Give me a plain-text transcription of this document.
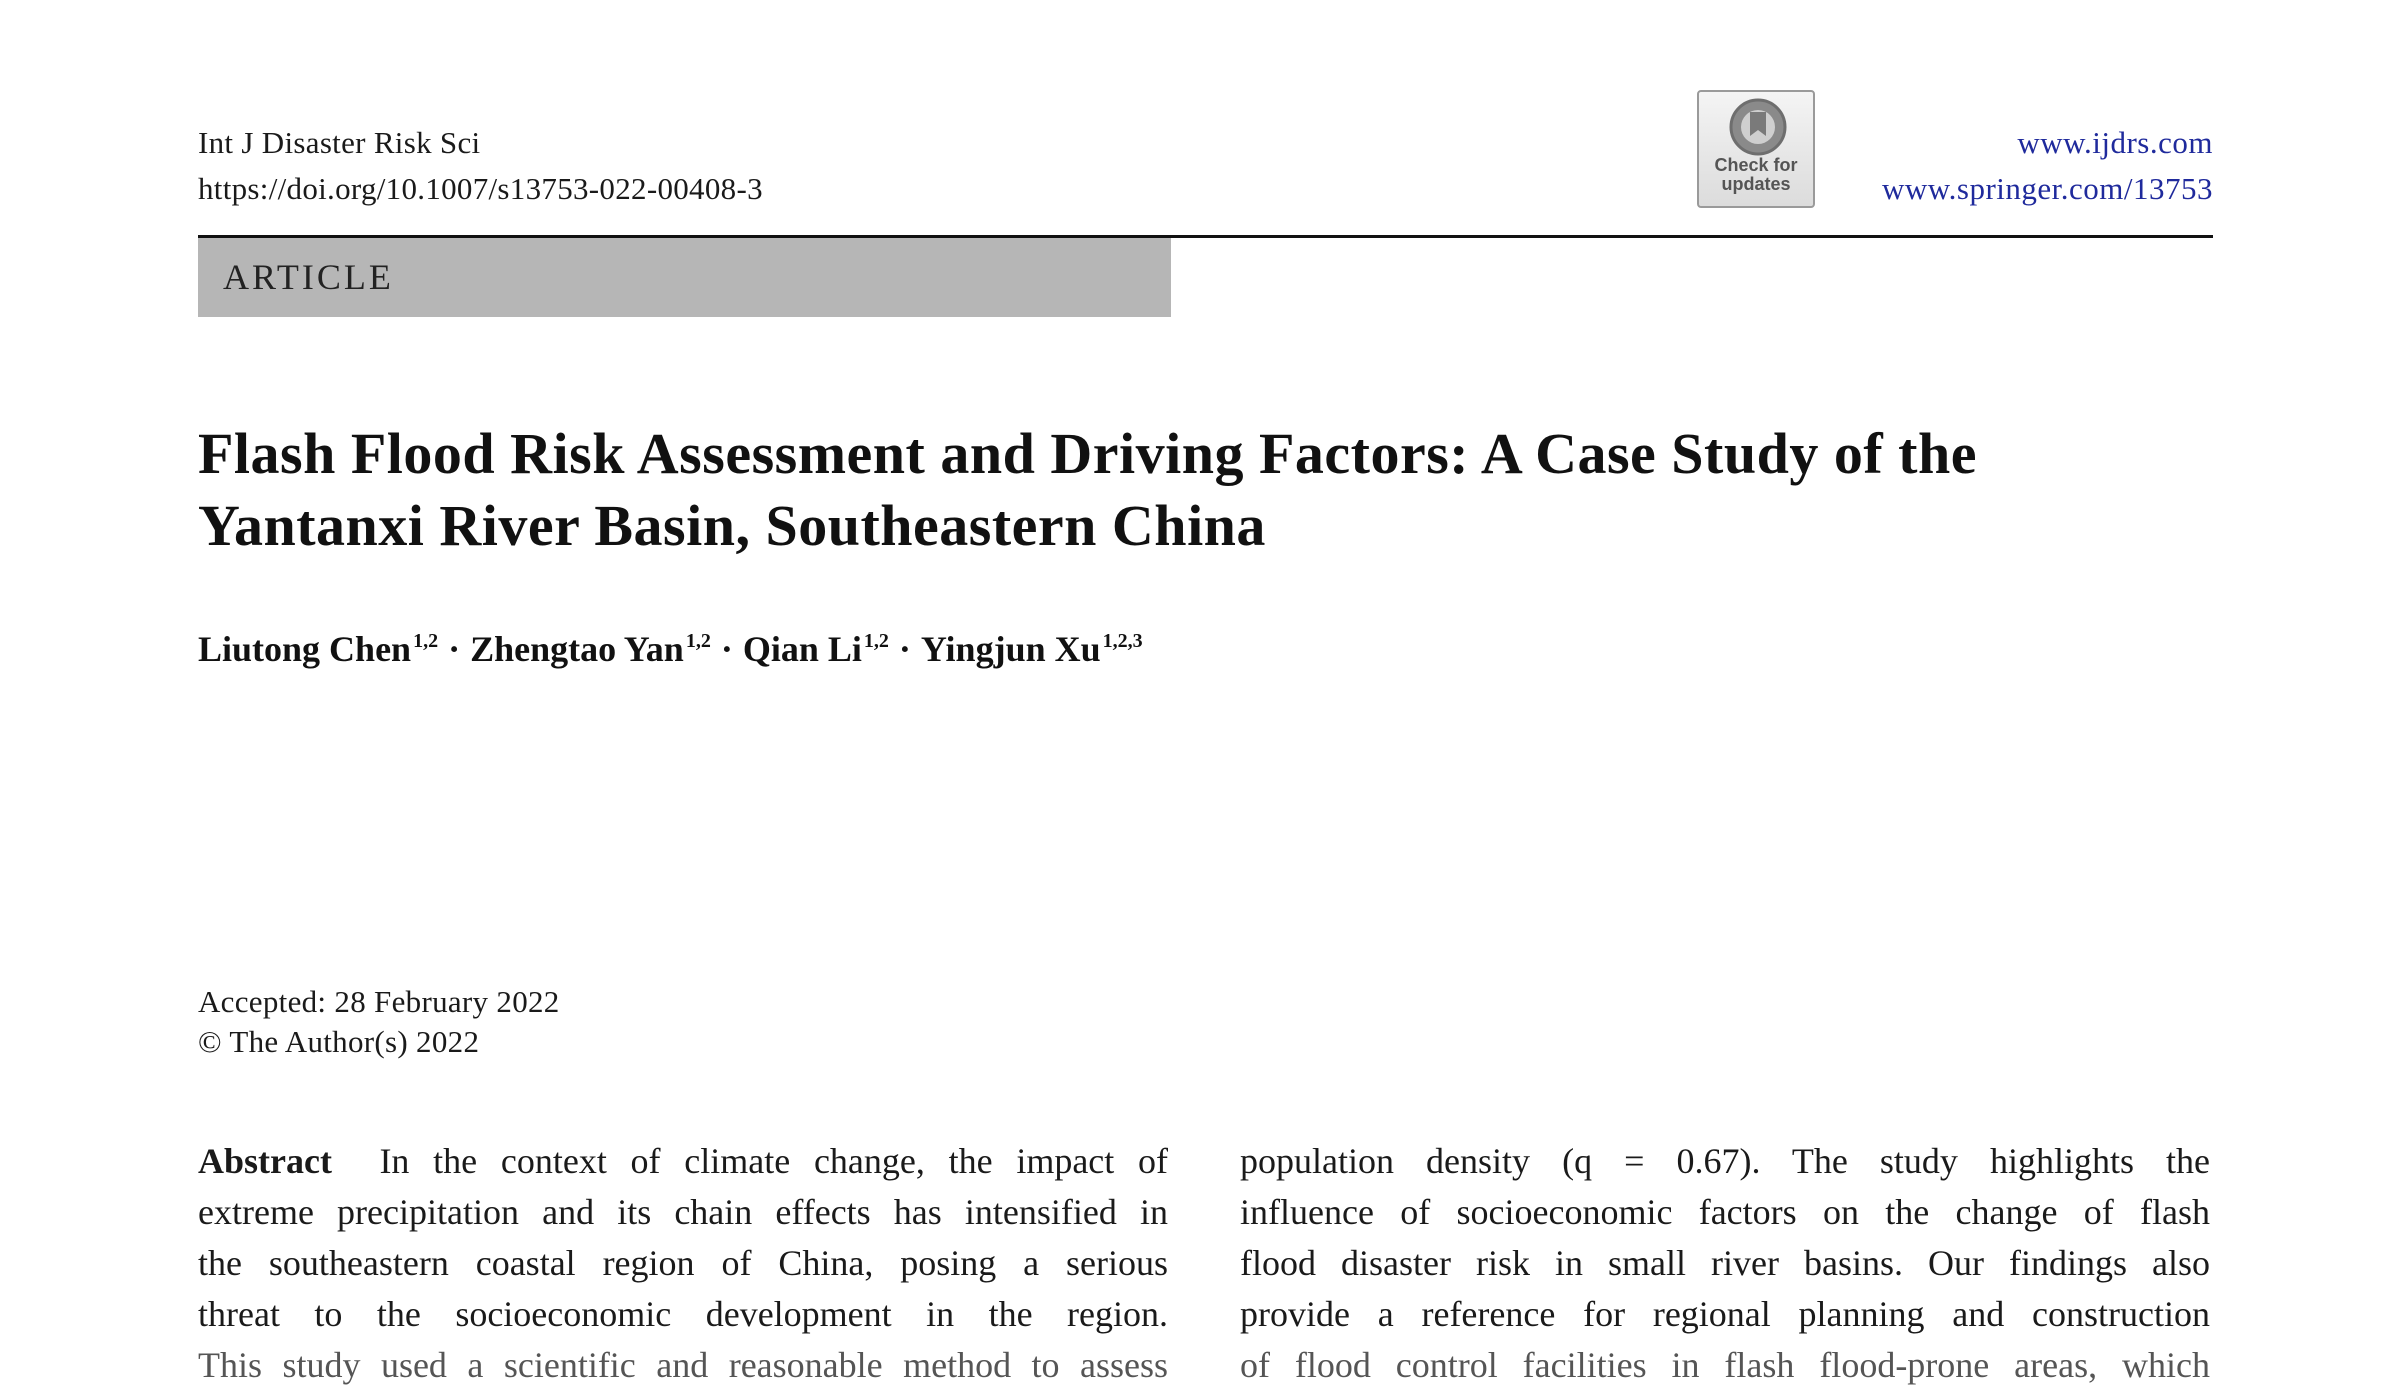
Int J Disaster Risk Sci
https://doi.org/10.1007/s13753-022-00408-3
Check for
updates
www.ijdrs.com
www.springer.com/13753
ARTICLE
Flash Flood Risk Assessment and Driving Factors: A Case Study of the Yantanxi River Basin, Southeastern China
Liutong Chen $^{1,2}$ · Zhengtao Yan $^{1,2}$ · Qian Li $^{1,2}$ · Yingjun Xu $^{1,2,3}$
Accepted: 28 February 2022
© The Author(s) 2022
Abstract In the context of climate change, the impact of
extreme precipitation and its chain effects has intensified in
the southeastern coastal region of China, posing a serious
threat to the socioeconomic development in the region.
This study used a scientific and reasonable method to assess
population density (q = 0.67). The study highlights the
influence of socioeconomic factors on the change of flash
flood disaster risk in small river basins. Our findings also
provide a reference for regional planning and construction
of flood control facilities in flash flood-prone areas, which
